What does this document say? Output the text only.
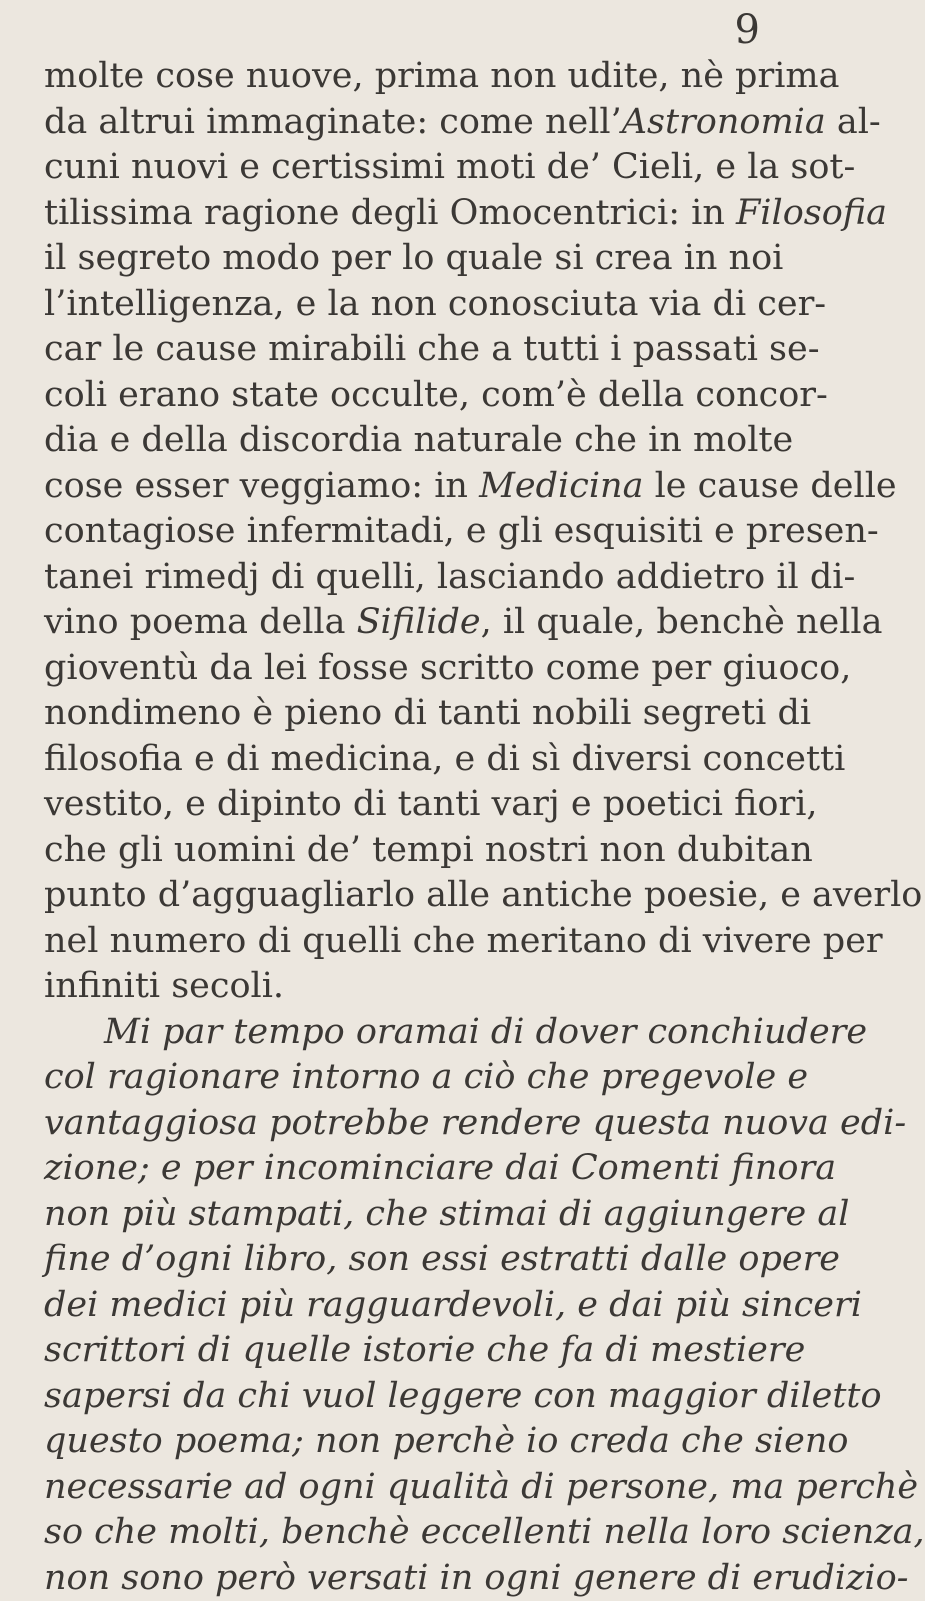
9
molte cose nuove, prima non udite, nè prima
da altrui immaginate: come nell’Astronomia al-
cuni nuovi e certissimi moti de’ Cieli, e la sot-
tilissima ragione degli Omocentrici: in Filosofia
il segreto modo per lo quale si crea in noi
l’intelligenza, e la non conosciuta via di cer-
car le cause mirabili che a tutti i passati se-
coli erano state occulte, com’è della concor-
dia e della discordia naturale che in molte
cose esser veggiamo: in Medicina le cause delle
contagiose infermitadi, e gli esquisiti e presen-
tanei rimedj di quelli, lasciando addietro il di-
vino poema della Sifilide, il quale, benchè nella
gioventù da lei fosse scritto come per giuoco,
nondimeno è pieno di tanti nobili segreti di
filosofia e di medicina, e di sì diversi concetti
vestito, e dipinto di tanti varj e poetici fiori,
che gli uomini de’ tempi nostri non dubitan
punto d’agguagliarlo alle antiche poesie, e averlo
nel numero di quelli che meritano di vivere per
infiniti secoli.
Mi par tempo oramai di dover conchiudere
col ragionare intorno a ciò che pregevole e
vantaggiosa potrebbe rendere questa nuova edi-
zione; e per incominciare dai Comenti finora
non più stampati, che stimai di aggiungere al
fine d’ogni libro, son essi estratti dalle opere
dei medici più ragguardevoli, e dai più sinceri
scrittori di quelle istorie che fa di mestiere
sapersi da chi vuol leggere con maggior diletto
questo poema; non perchè io creda che sieno
necessarie ad ogni qualità di persone, ma perchè
so che molti, benchè eccellenti nella loro scienza,
non sono però versati in ogni genere di erudizio-
